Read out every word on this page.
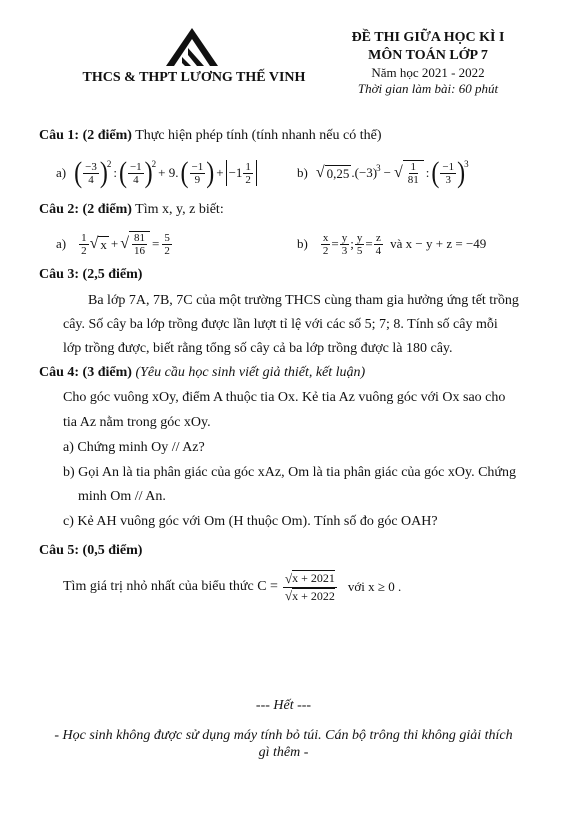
THCS & THPT LƯƠNG THẾ VINH
ĐỀ THI GIỮA HỌC KÌ I
MÔN TOÁN LỚP 7
Năm học 2021 - 2022
Thời gian làm bài: 60 phút
Câu 1: (2 điểm) Thực hiện phép tính (tính nhanh nếu có thể)
a) ( $\frac{-3}{4}$ ) 2
: ( $\frac{-1}{4}$ ) 2
+ 9. ( $\frac{-1}{9}$ ) + $-1 \frac{1}{2}$	b) √ 0,25 $.(-3)^3$ − √ $\frac{1}{81}$ : ( $\frac{-1}{3}$ ) 3
Câu 2: (2 điểm) Tìm x, y, z biết:
$a) \frac{1}{2}$ √ x + √ $\frac{81}{16} = \frac{5}{2}$	$b) \frac{x}{2} = \frac{y}{3}$ ; $\frac{y}{5} = \frac{z}{4}$ và x − y + z = −49
Câu 3: (2,5 điểm)
Ba lớp 7A, 7B, 7C của một trường THCS cùng tham gia hưởng ứng tết trồng
cây. Số cây ba lớp trồng được lần lượt tỉ lệ với các số 5; 7; 8. Tính số cây mỗi
lớp trồng được, biết rằng tổng số cây cả ba lớp trồng được là 180 cây.
Câu 4: (3 điểm) (Yêu cầu học sinh viết giả thiết, kết luận)
Cho góc vuông xOy, điểm A thuộc tia Ox. Kẻ tia Az vuông góc với Ox sao cho
tia Az nằm trong góc xOy.
a) Chứng minh Oy // Az?
b) Gọi An là tia phân giác của góc xAz, Om là tia phân giác của góc xOy. Chứng
minh Om // An.
c) Kẻ AH vuông góc với Om (H thuộc Om). Tính số đo góc OAH?
Câu 5: (0,5 điểm)
Tìm giá trị nhỏ nhất của biểu thức $C = \frac{√ x + 2021}{√ x + 2022}$ với x ≥ 0 .
--- Hết ---
- Học sinh không được sử dụng máy tính bỏ túi. Cán bộ trông thi không giải thích
gì thêm -
